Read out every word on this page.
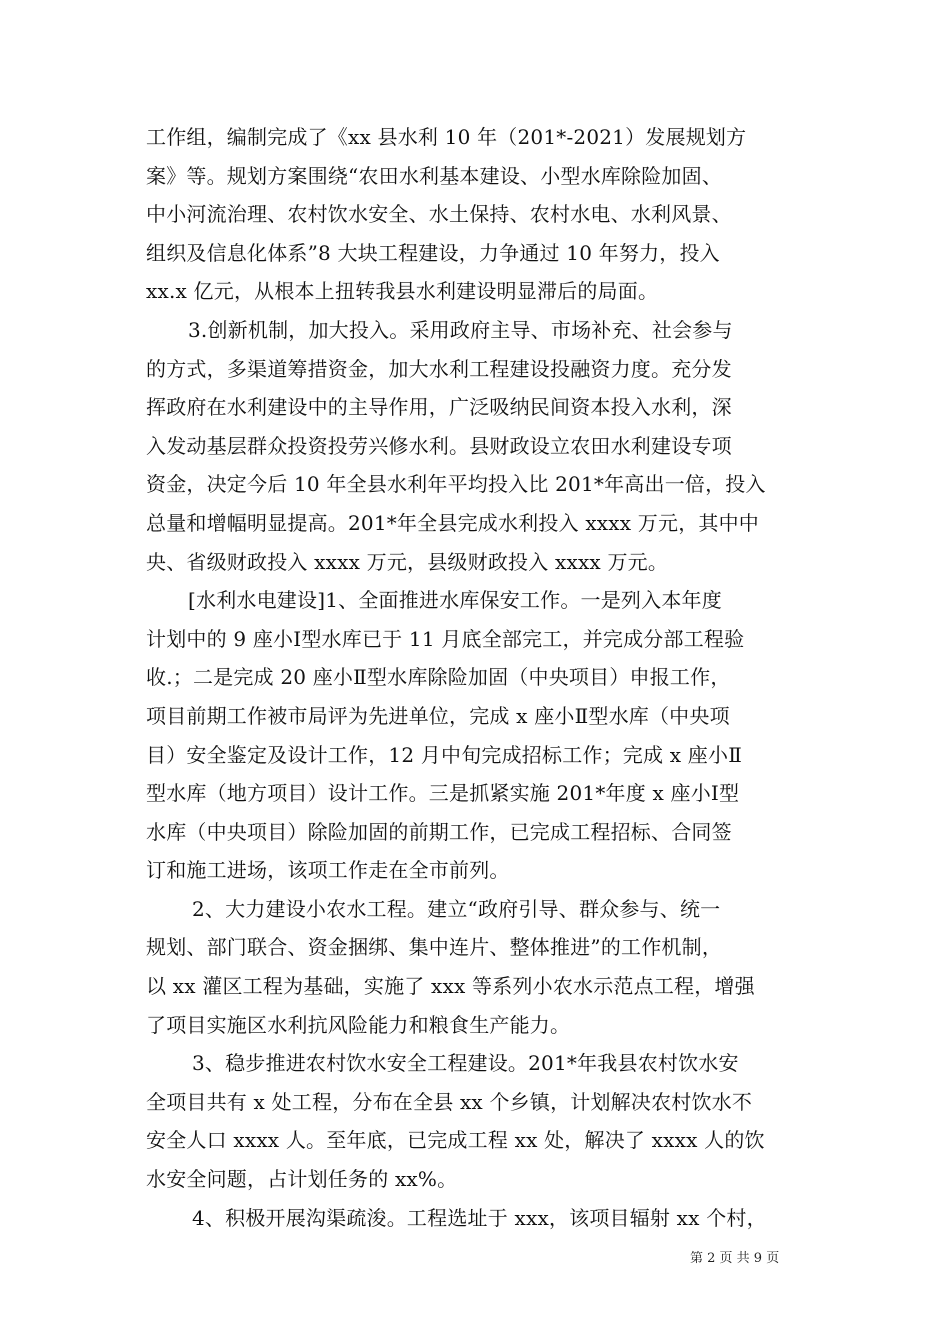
工作组，编制完成了《xx 县水利 10 年（201*-2021）发展规划方
案》等。规划方案围绕“农田水利基本建设、小型水库除险加固、
中小河流治理、农村饮水安全、水土保持、农村水电、水利风景、
组织及信息化体系”8 大块工程建设，力争通过 10 年努力，投入
xx.x 亿元，从根本上扭转我县水利建设明显滞后的局面。
3.创新机制，加大投入。采用政府主导、市场补充、社会参与
的方式，多渠道筹措资金，加大水利工程建设投融资力度。充分发
挥政府在水利建设中的主导作用，广泛吸纳民间资本投入水利，深
入发动基层群众投资投劳兴修水利。县财政设立农田水利建设专项
资金，决定今后 10 年全县水利年平均投入比 201*年高出一倍，投入
总量和增幅明显提高。201*年全县完成水利投入 xxxx 万元，其中中
央、省级财政投入 xxxx 万元，县级财政投入 xxxx 万元。
[水利水电建设]1、全面推进水库保安工作。一是列入本年度
计划中的 9 座小Ⅰ型水库已于 11 月底全部完工，并完成分部工程验
收.；二是完成 20 座小Ⅱ型水库除险加固（中央项目）申报工作，
项目前期工作被市局评为先进单位，完成 x 座小Ⅱ型水库（中央项
目）安全鉴定及设计工作，12 月中旬完成招标工作；完成 x 座小Ⅱ
型水库（地方项目）设计工作。三是抓紧实施 201*年度 x 座小Ⅰ型
水库（中央项目）除险加固的前期工作，已完成工程招标、合同签
订和施工进场，该项工作走在全市前列。
2、大力建设小农水工程。建立“政府引导、群众参与、统一
规划、部门联合、资金捆绑、集中连片、整体推进”的工作机制，
以 xx 灌区工程为基础，实施了 xxx 等系列小农水示范点工程，增强
了项目实施区水利抗风险能力和粮食生产能力。
3、稳步推进农村饮水安全工程建设。201*年我县农村饮水安
全项目共有 x 处工程，分布在全县 xx 个乡镇，计划解决农村饮水不
安全人口 xxxx 人。至年底，已完成工程 xx 处，解决了 xxxx 人的饮
水安全问题，占计划任务的 xx%。
4、积极开展沟渠疏浚。工程选址于 xxx，该项目辐射 xx 个村，
第 2 页 共 9 页
